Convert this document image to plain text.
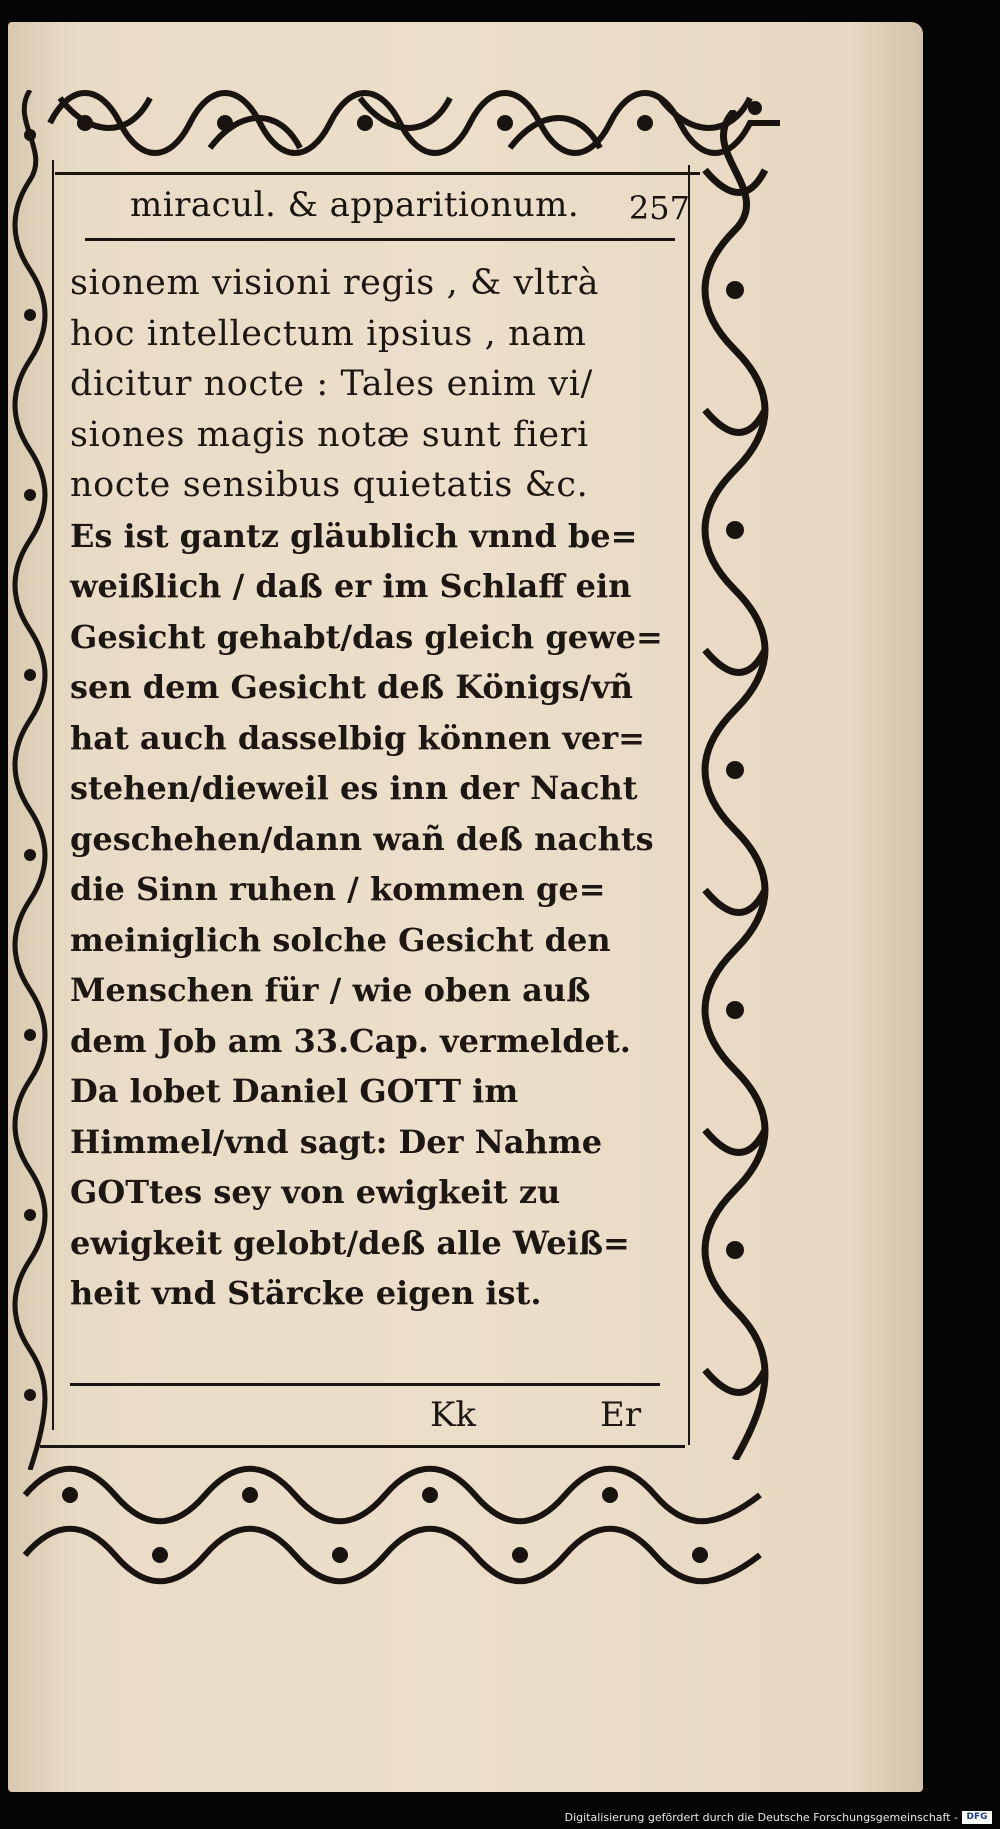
miracul. & apparitionum. 257
sionem visioni regis , & vltrà
hoc intellectum ipsius , nam
dicitur nocte : Tales enim vi/
siones magis notæ sunt fieri
nocte sensibus quietatis &c.
Es ist gantz gläublich vnnd be=
weißlich / daß er im Schlaff ein
Gesicht gehabt/das gleich gewe=
sen dem Gesicht deß Königs/vñ
hat auch dasselbig können ver=
stehen/dieweil es inn der Nacht
geschehen/dann wañ deß nachts
die Sinn ruhen / kommen ge=
meiniglich solche Gesicht den
Menschen für / wie oben auß
dem Job am 33.Cap. vermeldet.
Da lobet Daniel GOTT im
Himmel/vnd sagt: Der Nahme
GOTtes sey von ewigkeit zu
ewigkeit gelobt/deß alle Weiß=
heit vnd Stärcke eigen ist.
Kk	Er
Digitalisierung gefördert durch die Deutsche Forschungsgemeinschaft - DFG
